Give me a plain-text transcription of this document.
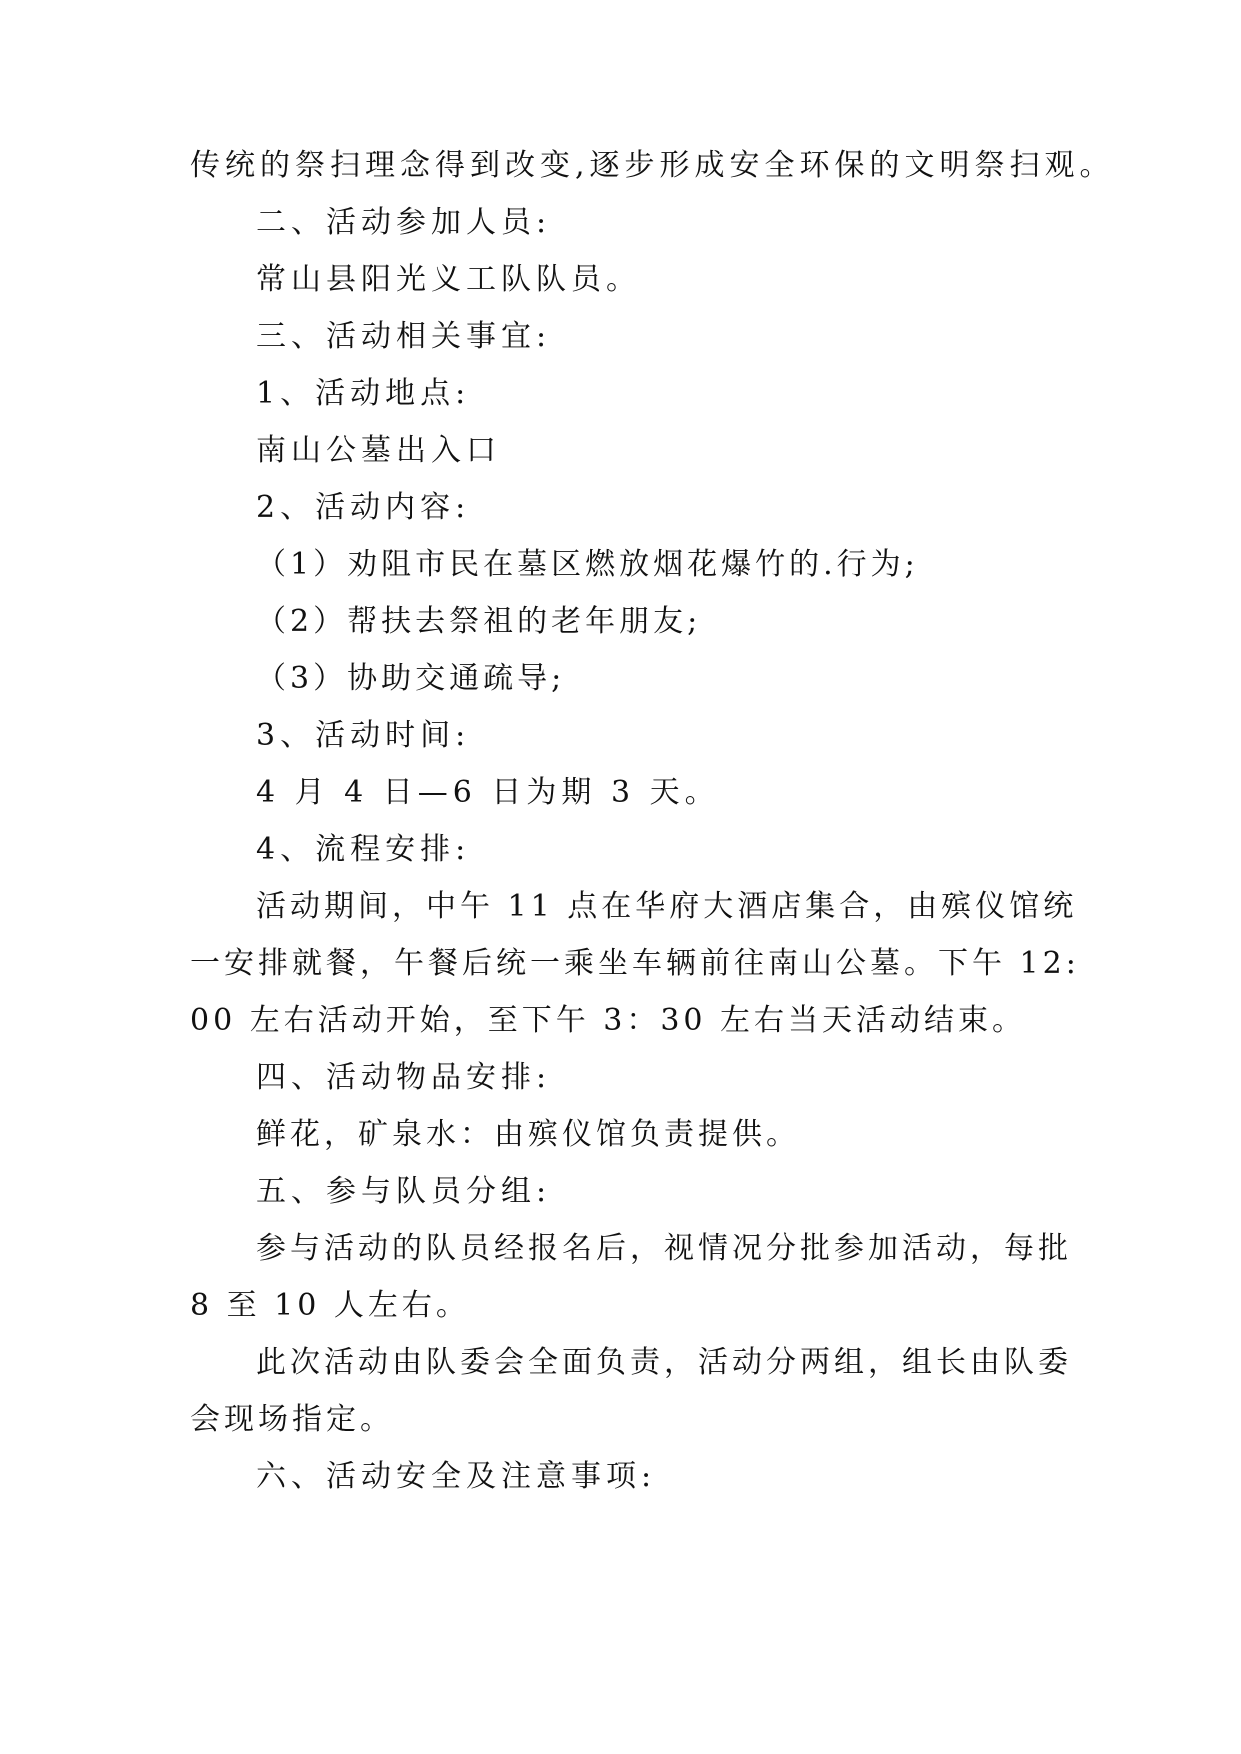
传统的祭扫理念得到改变,逐步形成安全环保的文明祭扫观。

二、活动参加人员:

常山县阳光义工队队员。

三、活动相关事宜:

1、活动地点:

南山公墓出入口

2、活动内容:

（1）劝阻市民在墓区燃放烟花爆竹的.行为;

（2）帮扶去祭祖的老年朋友;

（3）协助交通疏导;

3、活动时间:

4 月 4 日—6 日为期 3 天。

4、流程安排:

活动期间，中午 11 点在华府大酒店集合，由殡仪馆统

一安排就餐，午餐后统一乘坐车辆前往南山公墓。下午 12:

00 左右活动开始，至下午 3：30 左右当天活动结束。

四、活动物品安排:

鲜花，矿泉水：由殡仪馆负责提供。

五、参与队员分组:

参与活动的队员经报名后，视情况分批参加活动，每批

8 至 10 人左右。

此次活动由队委会全面负责，活动分两组，组长由队委

会现场指定。

六、活动安全及注意事项:
